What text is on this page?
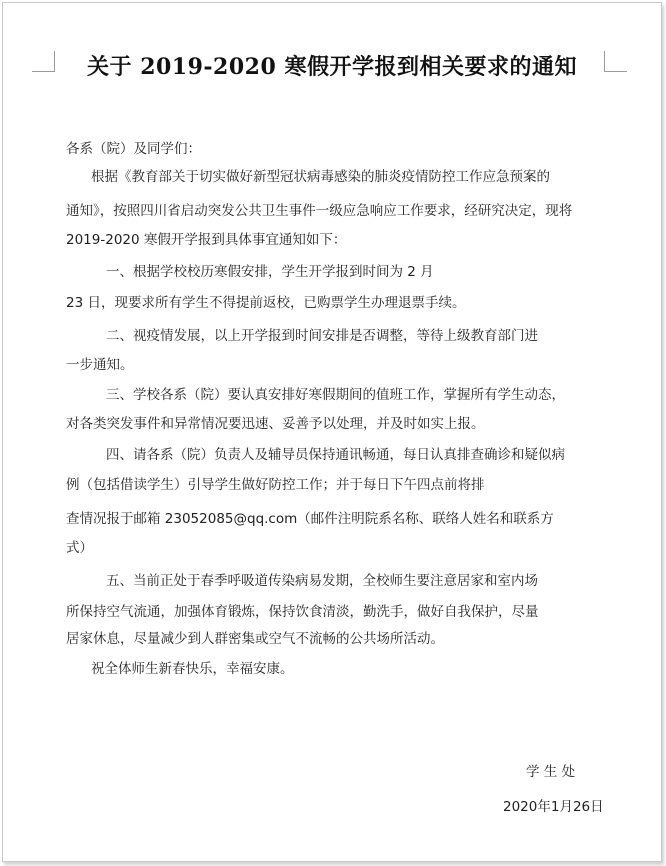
关于 2019-2020 寒假开学报到相关要求的通知
各系（院）及同学们：
根据《教育部关于切实做好新型冠状病毒感染的肺炎疫情防控工作应急预案的
通知》，按照四川省启动突发公共卫生事件一级应急响应工作要求，经研究决定，现将
2019-2020 寒假开学报到具体事宜通知如下：
一、根据学校校历寒假安排，学生开学报到时间为 2 月
23 日，现要求所有学生不得提前返校，已购票学生办理退票手续。
二、视疫情发展，以上开学报到时间安排是否调整，等待上级教育部门进
一步通知。
三、学校各系（院）要认真安排好寒假期间的值班工作，掌握所有学生动态，
对各类突发事件和异常情况要迅速、妥善予以处理，并及时如实上报。
四、请各系（院）负责人及辅导员保持通讯畅通，每日认真排查确诊和疑似病
例（包括借读学生）引导学生做好防控工作；并于每日下午四点前将排
查情况报于邮箱 23052085@qq.com（邮件注明院系名称、联络人姓名和联系方
式）
五、当前正处于春季呼吸道传染病易发期，全校师生要注意居家和室内场
所保持空气流通，加强体育锻炼，保持饮食清淡，勤洗手，做好自我保护，尽量
居家休息，尽量减少到人群密集或空气不流畅的公共场所活动。
祝全体师生新春快乐，幸福安康。
学 生 处
2020年1月26日
